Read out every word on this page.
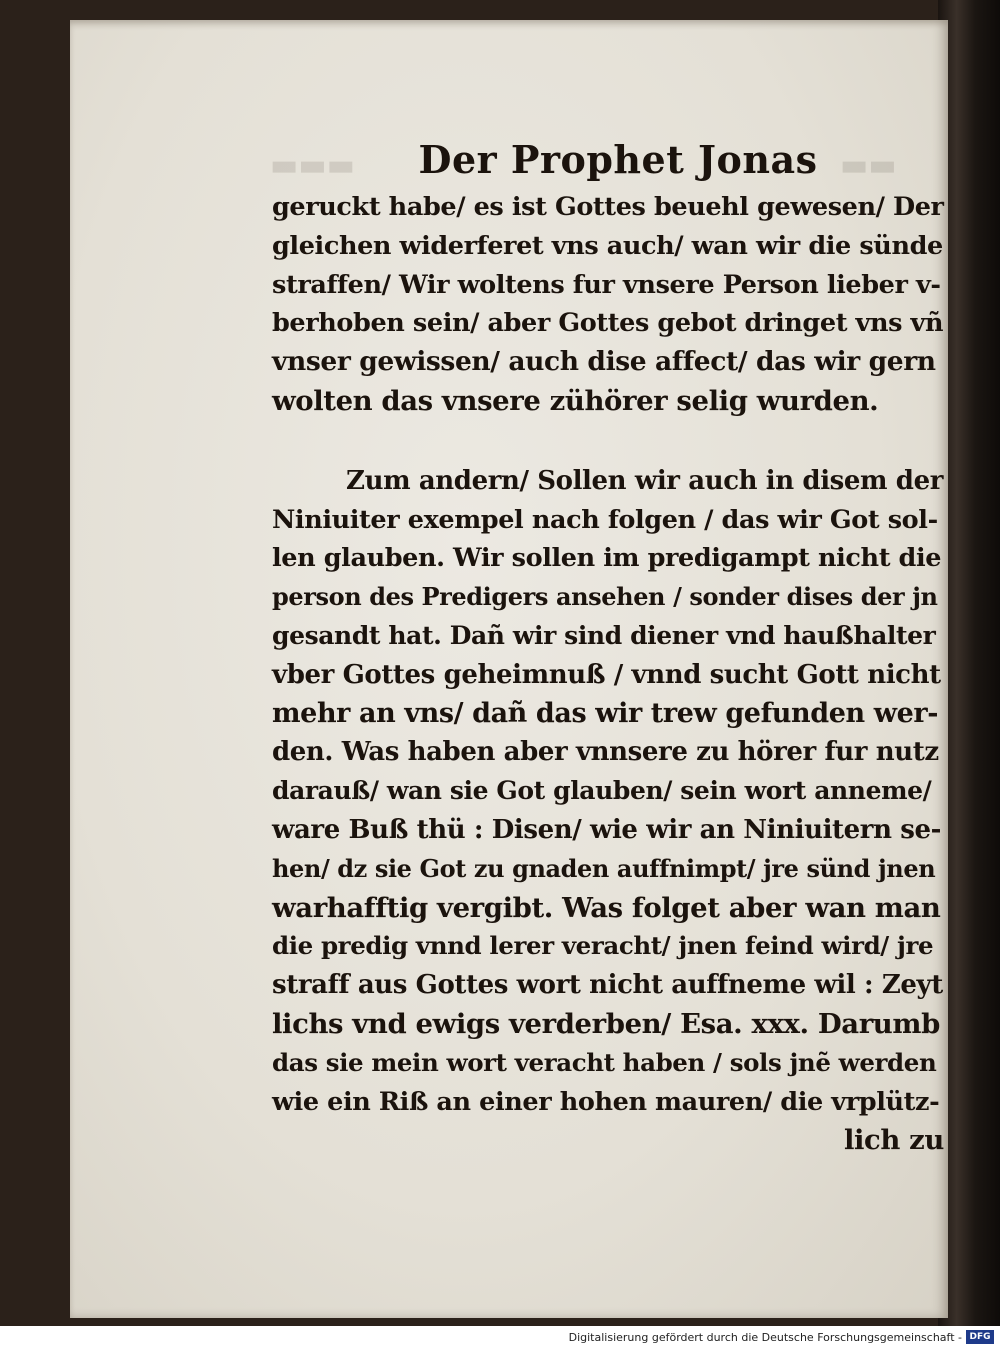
▬▬▬	▬▬
Der Prophet Jonas
geruckt habe/ es ist Gottes beuehl gewesen/ Der
gleichen widerferet vns auch/ wan wir die sünde
straffen/ Wir woltens fur vnsere Person lieber v-
berhoben sein/ aber Gottes gebot dringet vns vñ
vnser gewissen/ auch dise affect/ das wir gern
wolten das vnsere zühörer selig wurden.
Zum andern/ Sollen wir auch in disem der
Niniuiter exempel nach folgen / das wir Got sol-
len glauben. Wir sollen im predigampt nicht die
person des Predigers ansehen / sonder dises der jn
gesandt hat. Dañ wir sind diener vnd haußhalter
vber Gottes geheimnuß / vnnd sucht Gott nicht
mehr an vns/ dañ das wir trew gefunden wer-
den. Was haben aber vnnsere zu hörer fur nutz
darauß/ wan sie Got glauben/ sein wort anneme/
ware Buß thü : Disen/ wie wir an Niniuitern se-
hen/ dz sie Got zu gnaden auffnimpt/ jre sünd jnen
warhafftig vergibt. Was folget aber wan man
die predig vnnd lerer veracht/ jnen feind wird/ jre
straff aus Gottes wort nicht auffneme wil : Zeyt
lichs vnd ewigs verderben/ Esa. xxx. Darumb
das sie mein wort veracht haben / sols jnẽ werden
wie ein Riß an einer hohen mauren/ die vrplütz-
lich zu
Digitalisierung gefördert durch die Deutsche Forschungsgemeinschaft - DFG
